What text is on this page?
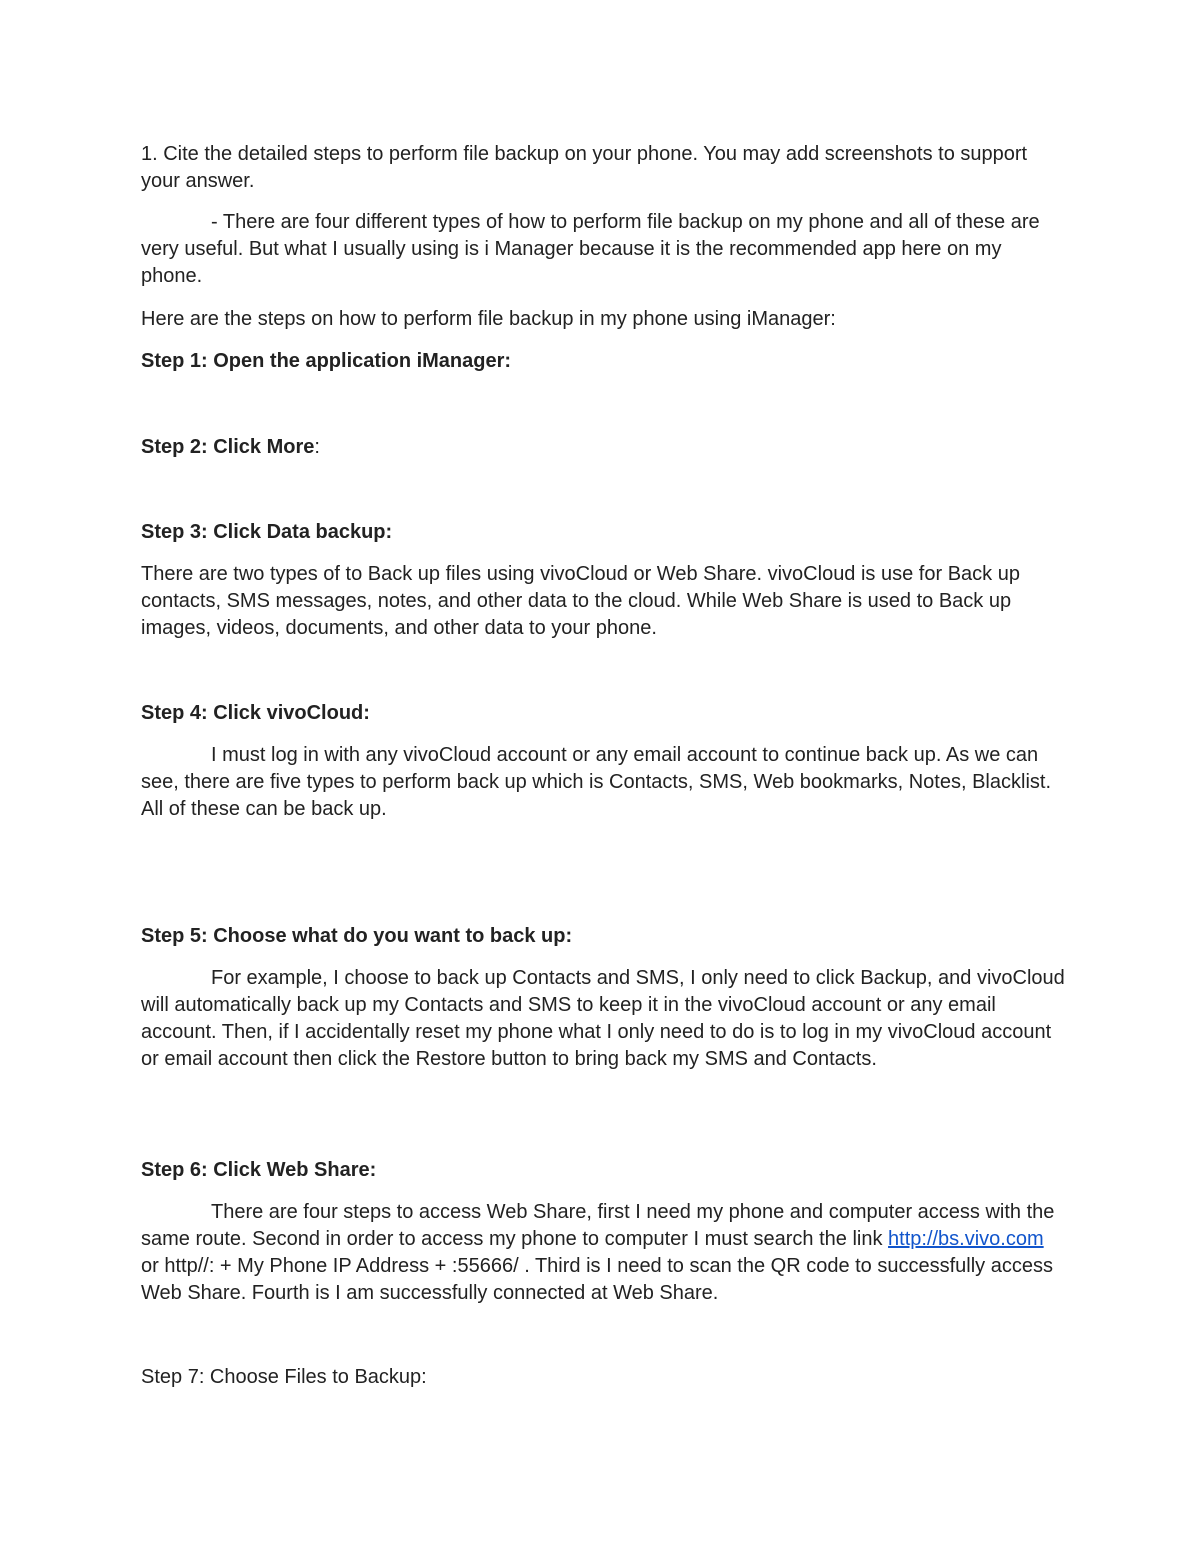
1. Cite the detailed steps to perform file backup on your phone. You may add screenshots to support your answer.

- There are four different types of how to perform file backup on my phone and all of these are very useful. But what I usually using is i Manager because it is the recommended app here on my phone.

Here are the steps on how to perform file backup in my phone using iManager:

Step 1: Open the application iManager:

Step 2: Click More:

Step 3: Click Data backup:

There are two types of to Back up files using vivoCloud or Web Share. vivoCloud is use for Back up contacts, SMS messages, notes, and other data to the cloud. While Web Share is used to Back up images, videos, documents, and other data to your phone.

Step 4: Click vivoCloud:

I must log in with any vivoCloud account or any email account to continue back up. As we can see, there are five types to perform back up which is Contacts, SMS, Web bookmarks, Notes, Blacklist. All of these can be back up.

Step 5: Choose what do you want to back up:

For example, I choose to back up Contacts and SMS, I only need to click Backup, and vivoCloud will automatically back up my Contacts and SMS to keep it in the vivoCloud account or any email account. Then, if I accidentally reset my phone what I only need to do is to log in my vivoCloud account or email account then click the Restore button to bring back my SMS and Contacts.

Step 6: Click Web Share:

There are four steps to access Web Share, first I need my phone and computer access with the same route. Second in order to access my phone to computer I must search the link http://bs.vivo.com or http//: + My Phone IP Address + :55666/ . Third is I need to scan the QR code to successfully access Web Share. Fourth is I am successfully connected at Web Share.

Step 7: Choose Files to Backup:
